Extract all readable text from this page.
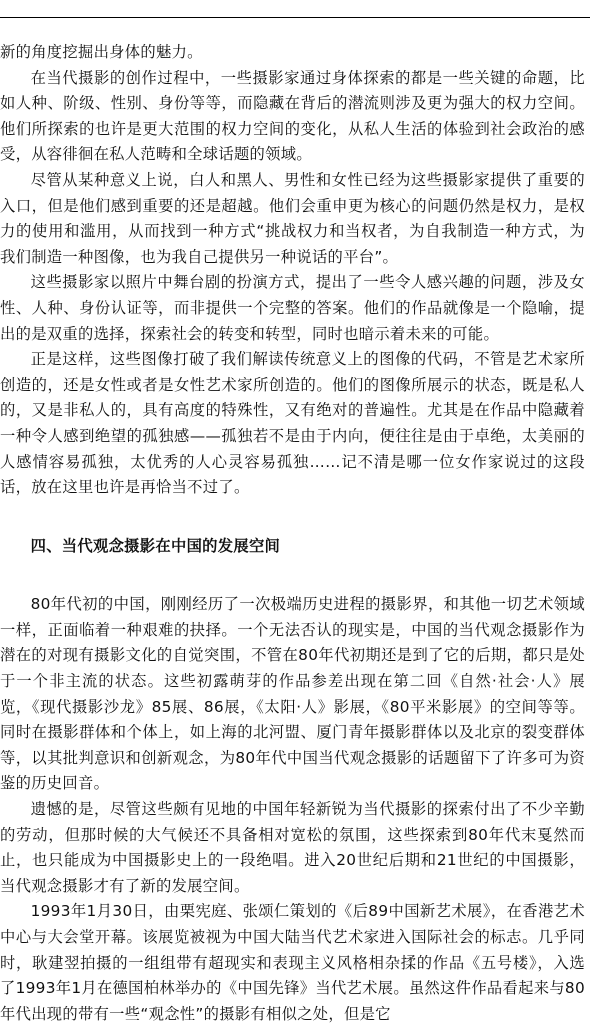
新的角度挖掘出身体的魅力。

在当代摄影的创作过程中，一些摄影家通过身体探索的都是一些关键的命题，比如人种、阶级、性别、身份等等，而隐藏在背后的潜流则涉及更为强大的权力空间。他们所探索的也许是更大范围的权力空间的变化，从私人生活的体验到社会政治的感受，从容徘徊在私人范畴和全球话题的领域。

尽管从某种意义上说，白人和黑人、男性和女性已经为这些摄影家提供了重要的入口，但是他们感到重要的还是超越。他们会重申更为核心的问题仍然是权力，是权力的使用和滥用，从而找到一种方式“挑战权力和当权者，为自我制造一种方式，为我们制造一种图像，也为我自己提供另一种说话的平台”。

这些摄影家以照片中舞台剧的扮演方式，提出了一些令人感兴趣的问题，涉及女性、人种、身份认证等，而非提供一个完整的答案。他们的作品就像是一个隐喻，提出的是双重的选择，探索社会的转变和转型，同时也暗示着未来的可能。

正是这样，这些图像打破了我们解读传统意义上的图像的代码，不管是艺术家所创造的，还是女性或者是女性艺术家所创造的。他们的图像所展示的状态，既是私人的，又是非私人的，具有高度的特殊性，又有绝对的普遍性。尤其是在作品中隐藏着一种令人感到绝望的孤独感——孤独若不是由于内向，便往往是由于卓绝，太美丽的人感情容易孤独，太优秀的人心灵容易孤独……记不清是哪一位女作家说过的这段话，放在这里也许是再恰当不过了。

四、当代观念摄影在中国的发展空间

80年代初的中国，刚刚经历了一次极端历史进程的摄影界，和其他一切艺术领域一样，正面临着一种艰难的抉择。一个无法否认的现实是，中国的当代观念摄影作为潜在的对现有摄影文化的自觉突围，不管在80年代初期还是到了它的后期，都只是处于一个非主流的状态。这些初露萌芽的作品参差出现在第二回《自然·社会·人》展览，《现代摄影沙龙》85展、86展，《太阳·人》影展，《80平米影展》的空间等等。同时在摄影群体和个体上，如上海的北河盟、厦门青年摄影群体以及北京的裂变群体等，以其批判意识和创新观念，为80年代中国当代观念摄影的话题留下了许多可为资鉴的历史回音。

遗憾的是，尽管这些颇有见地的中国年轻新锐为当代摄影的探索付出了不少辛勤的劳动，但那时候的大气候还不具备相对宽松的氛围，这些探索到80年代末戛然而止，也只能成为中国摄影史上的一段绝唱。进入20世纪后期和21世纪的中国摄影，当代观念摄影才有了新的发展空间。

1993年1月30日，由栗宪庭、张颂仁策划的《后89中国新艺术展》，在香港艺术中心与大会堂开幕。该展览被视为中国大陆当代艺术家进入国际社会的标志。几乎同时，耿建翌拍摄的一组组带有超现实和表现主义风格相杂揉的作品《五号楼》，入选了1993年1月在德国柏林举办的《中国先锋》当代艺术展。虽然这件作品看起来与80年代出现的带有一些“观念性”的摄影有相似之处，但是它
